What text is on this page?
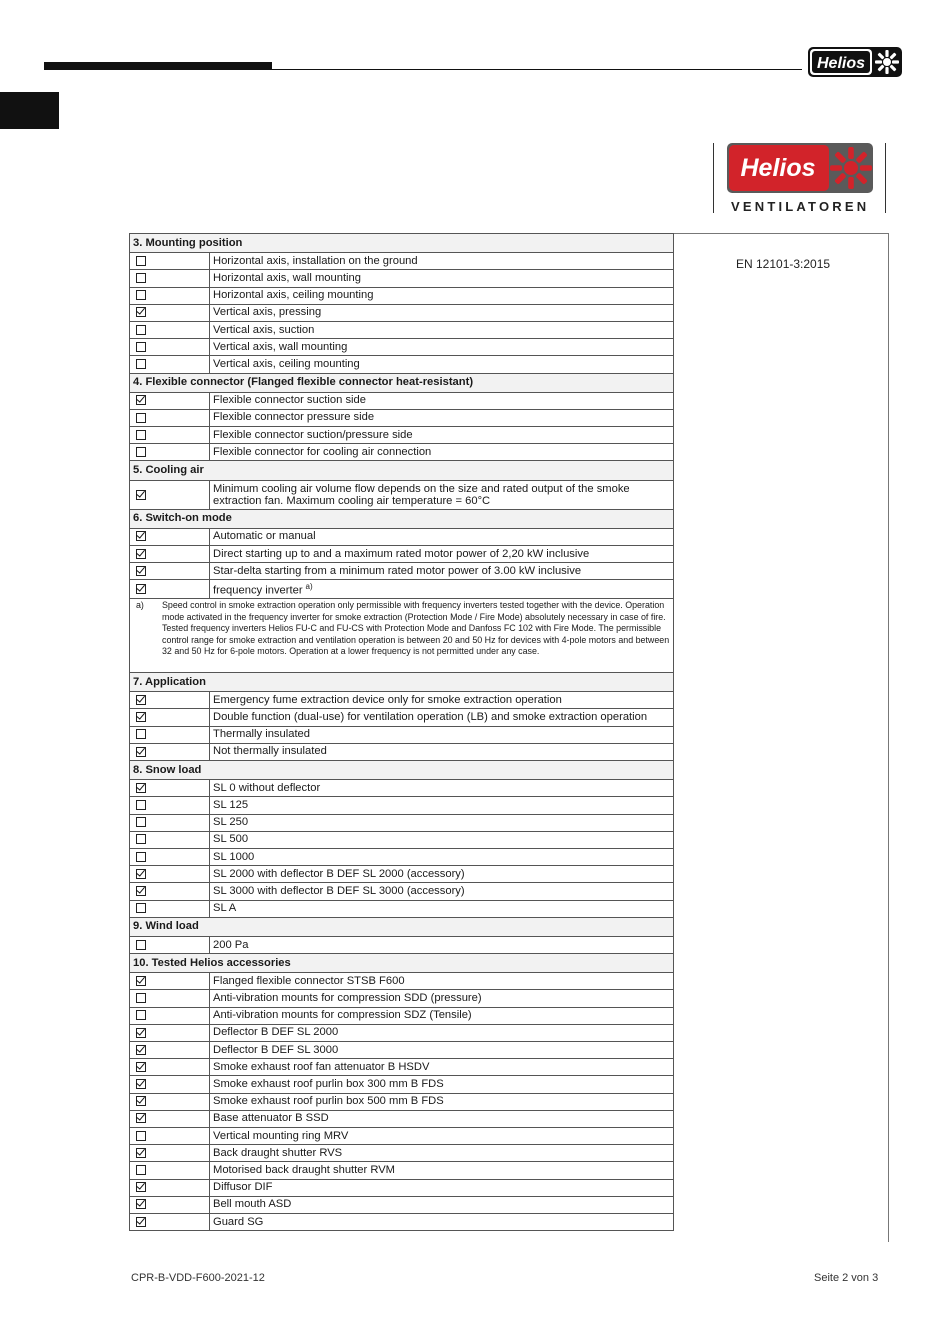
Helios
Helios
VENTILATOREN
EN 12101-3:2015
3. Mounting position	
	Horizontal axis, installation on the ground
	Horizontal axis, wall mounting
	Horizontal axis, ceiling mounting
	Vertical axis, pressing
	Vertical axis, suction
	Vertical axis, wall mounting
	Vertical axis, ceiling mounting
4. Flexible connector (Flanged flexible connector heat-resistant)	
	Flexible connector suction side
	Flexible connector pressure side
	Flexible connector suction/pressure side
	Flexible connector for cooling air connection
5. Cooling air	
	Minimum cooling air volume flow depends on the size and rated output of the smoke extraction fan. Maximum cooling air temperature = 60°C
6. Switch-on mode	
	Automatic or manual
	Direct starting up to and a maximum rated motor power of 2,20 kW inclusive
	Star-delta starting from a minimum rated motor power of 3.00 kW inclusive
	frequency inverter $^{a)}$

a) Speed control in smoke extraction operation only permissible with frequency inverters tested together with the device. Operation mode activated in the frequency inverter for smoke extraction (Protection Mode / Fire Mode) absolutely necessary in case of fire. Tested frequency inverters Helios FU-C and FU-CS with Protection Mode and Danfoss FC 102 with Fire Mode. The permissible control range for smoke extraction and ventilation operation is between 20 and 50 Hz for devices with 4-pole motors and between 32 and 50 Hz for 6-pole motors. Operation at a lower frequency is not permitted under any case.	
7. Application	
	Emergency fume extraction device only for smoke extraction operation
	Double function (dual-use) for ventilation operation (LB) and smoke extraction operation
	Thermally insulated
	Not thermally insulated
8. Snow load	
	SL 0 without deflector
	SL 125
	SL 250
	SL 500
	SL 1000
	SL 2000 with deflector B DEF SL 2000 (accessory)
	SL 3000 with deflector B DEF SL 3000 (accessory)
	SL A
9. Wind load	
	200 Pa
10. Tested Helios accessories	
	Flanged flexible connector STSB F600
	Anti-vibration mounts for compression SDD (pressure)
	Anti-vibration mounts for compression SDZ (Tensile)
	Deflector B DEF SL 2000
	Deflector B DEF SL 3000
	Smoke exhaust roof fan attenuator B HSDV
	Smoke exhaust roof purlin box 300 mm B FDS
	Smoke exhaust roof purlin box 500 mm B FDS
	Base attenuator B SSD
	Vertical mounting ring MRV
	Back draught shutter RVS
	Motorised back draught shutter RVM
	Diffusor DIF
	Bell mouth ASD
	Guard SG
CPR-B-VDD-F600-2021-12	Seite 2 von 3
